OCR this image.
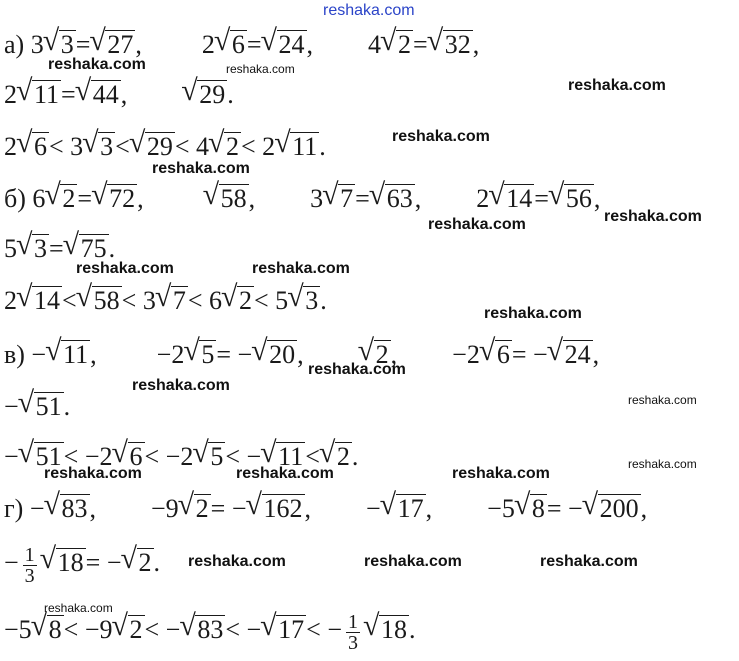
reshaka.com
а) 3 √ 3=√ 27, 2 √ 6=√ 24, 4 √ 2=√ 32,
2 √ 11=√ 44,	√ 29.
2 √ 6< 3 √ 3<√ 29< 4 √ 2< 2 √ 11.
б) 6 √ 2=√ 72,	√ 58, 3 √ 7=√ 63, 2 √ 14=√ 56,
5 √ 3=√ 75.
2 √ 14<√ 58< 3 √ 7< 6 √ 2< 5 √ 3.
в) −√ 11, −2 √ 5= − √ 20,	√ 2, −2 √ 6= − √ 24,
− √ 51.
− √ 51< −2 √ 6< −2 √ 5< − √ 11<√ 2.
г) −√ 83, −9 √ 2= − √ 162, − √ 17, −5 √ 8= − √ 200,
− $\frac{1}{3}$ √ 18= − √ 2.
−5 √ 8< −9 √ 2< − √ 83< − √ $17< - \frac{1}{3}$ √ 18.
reshaka.com	reshaka.com
reshaka.com
reshaka.com
reshaka.com
reshaka.com
reshaka.com
reshaka.com	reshaka.com
reshaka.com
reshaka.com
reshaka.com
reshaka.com
reshaka.com
reshaka.com	reshaka.com	reshaka.com
reshaka.com	reshaka.com	reshaka.com
reshaka.com
